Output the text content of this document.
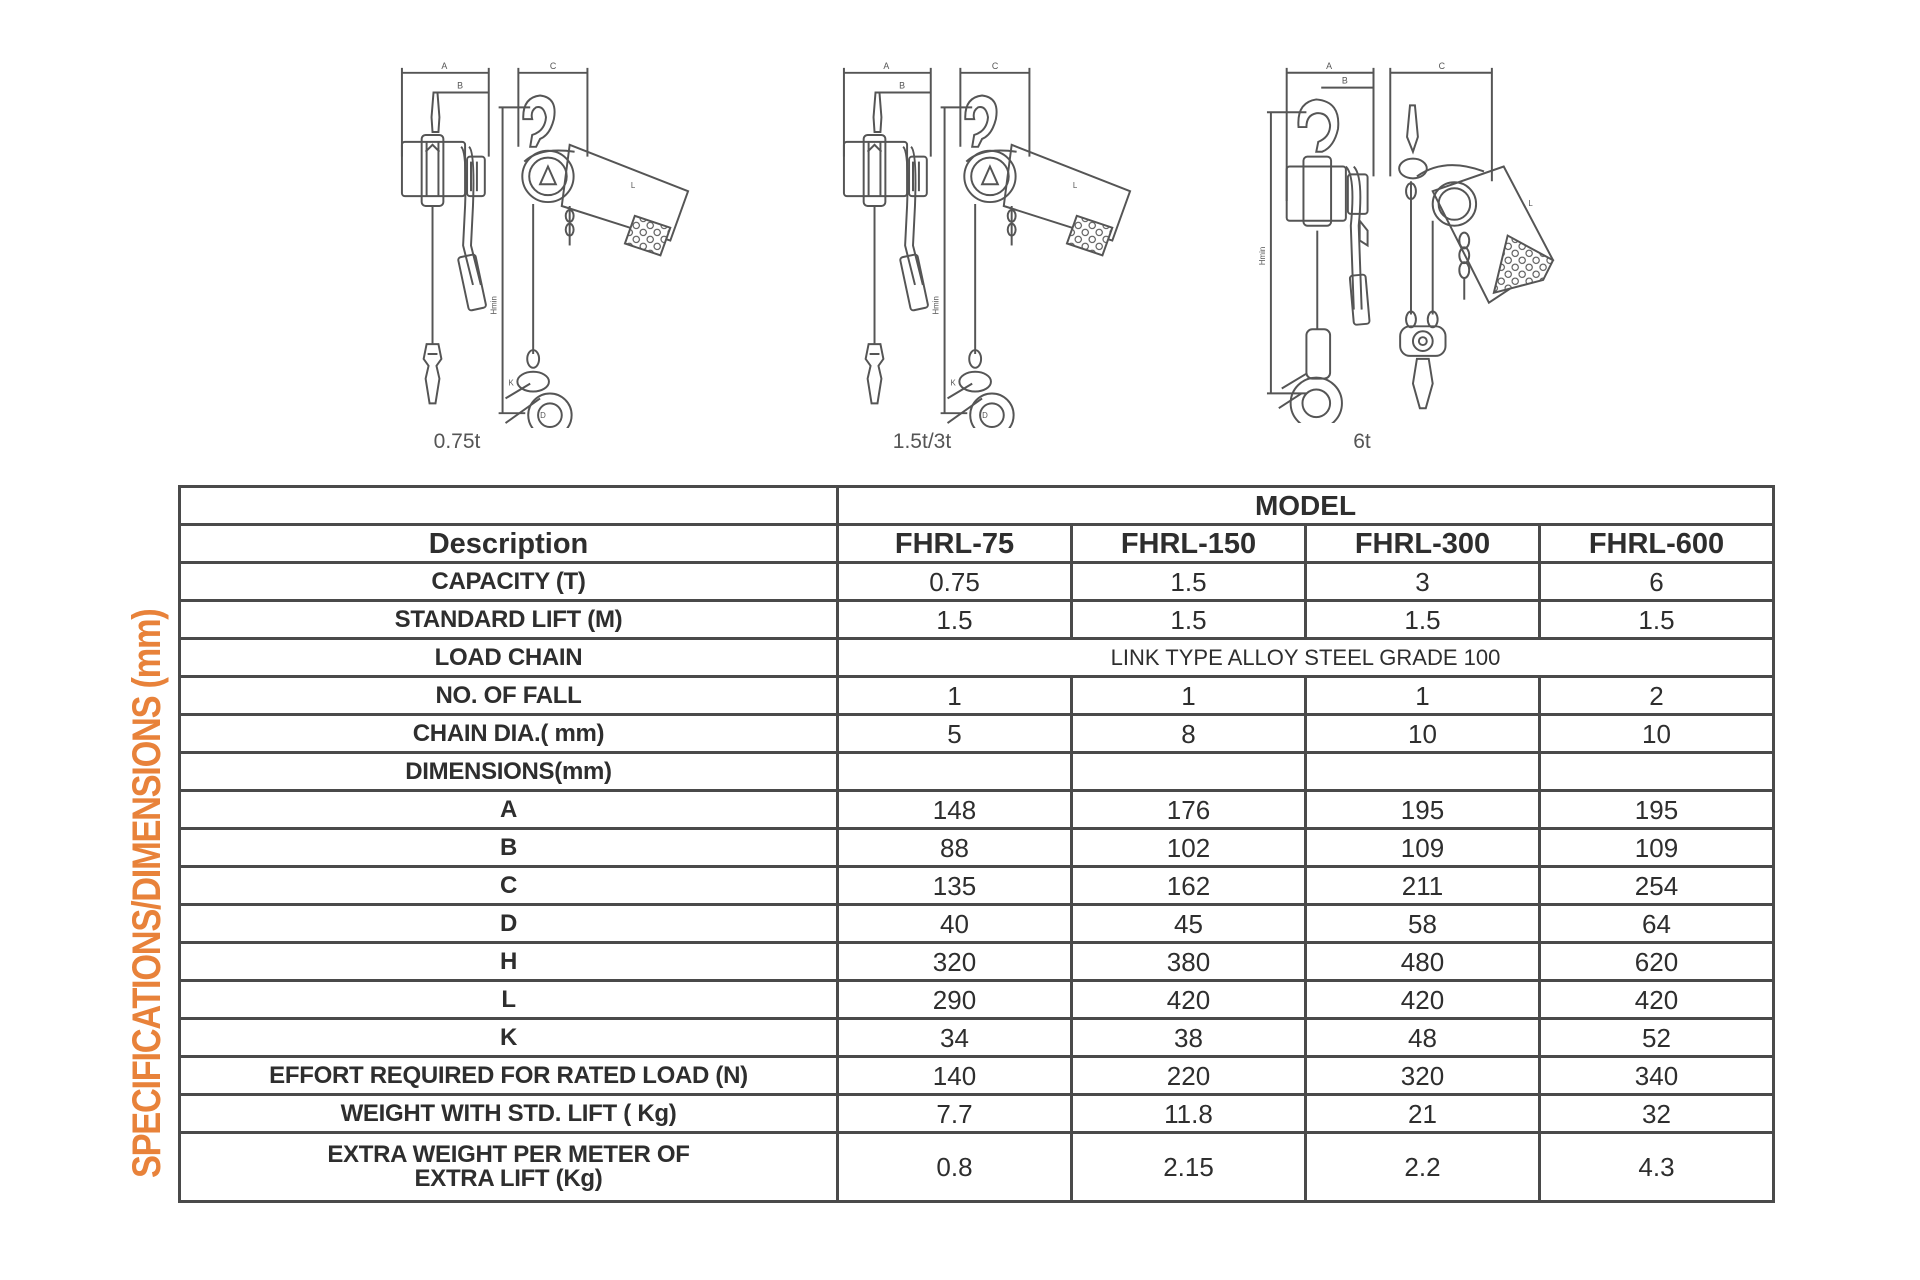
0.75t	1.5t/3t	6t
SPECIFICATIONS/DIMENSIONS (mm)
	MODEL			
Description	FHRL-75	FHRL-150	FHRL-300	FHRL-600
CAPACITY (T)	0.75	1.5	3	6
STANDARD LIFT (M)	1.5	1.5	1.5	1.5
LOAD CHAIN	LINK TYPE ALLOY STEEL GRADE 100			
NO. OF FALL	1	1	1	2
CHAIN DIA.( mm)	5	8	10	10
DIMENSIONS(mm)				
A	148	176	195	195
B	88	102	109	109
C	135	162	211	254
D	40	45	58	64
H	320	380	480	620
L	290	420	420	420
K	34	38	48	52
EFFORT REQUIRED FOR RATED LOAD (N)	140	220	320	340
WEIGHT WITH STD. LIFT ( Kg)	7.7	11.8	21	32

EXTRA WEIGHT PER METER OF
EXTRA LIFT (Kg)	0.8	2.15	2.2	4.3
